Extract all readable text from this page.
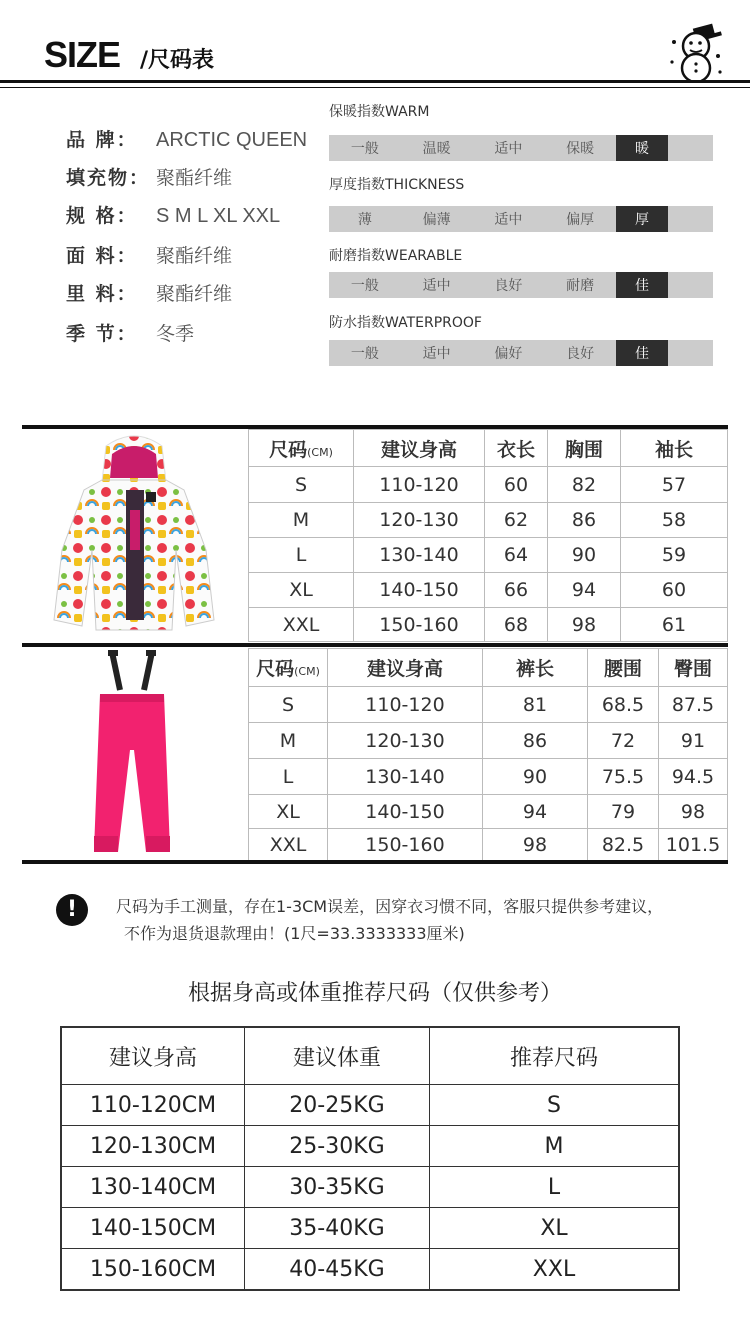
SIZE /尺码表
品 牌： ARCTIC QUEEN
填充物： 聚酯纤维
规 格： S M L XL XXL
面 料： 聚酯纤维
里 料： 聚酯纤维
季 节： 冬季
保暖指数WARM
一般	温暖	适中	保暖	暖
厚度指数THICKNESS
薄	偏薄	适中	偏厚	厚
耐磨指数WEARABLE
一般	适中	良好	耐磨	佳
防水指数WATERPROOF
一般	适中	偏好	良好	佳
尺码(CM)	建议身高	衣长	胸围	袖长
S	110-120	60	82	57
M	120-130	62	86	58
L	130-140	64	90	59
XL	140-150	66	94	60
XXL	150-160	68	98	61
尺码(CM)	建议身高	裤长	腰围	臀围
S	110-120	81	68.5	87.5
M	120-130	86	72	91
L	130-140	90	75.5	94.5
XL	140-150	94	79	98
XXL	150-160	98	82.5	101.5
!	尺码为手工测量，存在1-3CM误差，因穿衣习惯不同，客服只提供参考建议，
不作为退货退款理由！(1尺=33.3333333厘米)
根据身高或体重推荐尺码（仅供参考）
建议身高	建议体重	推荐尺码
110-120CM	20-25KG	S
120-130CM	25-30KG	M
130-140CM	30-35KG	L
140-150CM	35-40KG	XL
150-160CM	40-45KG	XXL
